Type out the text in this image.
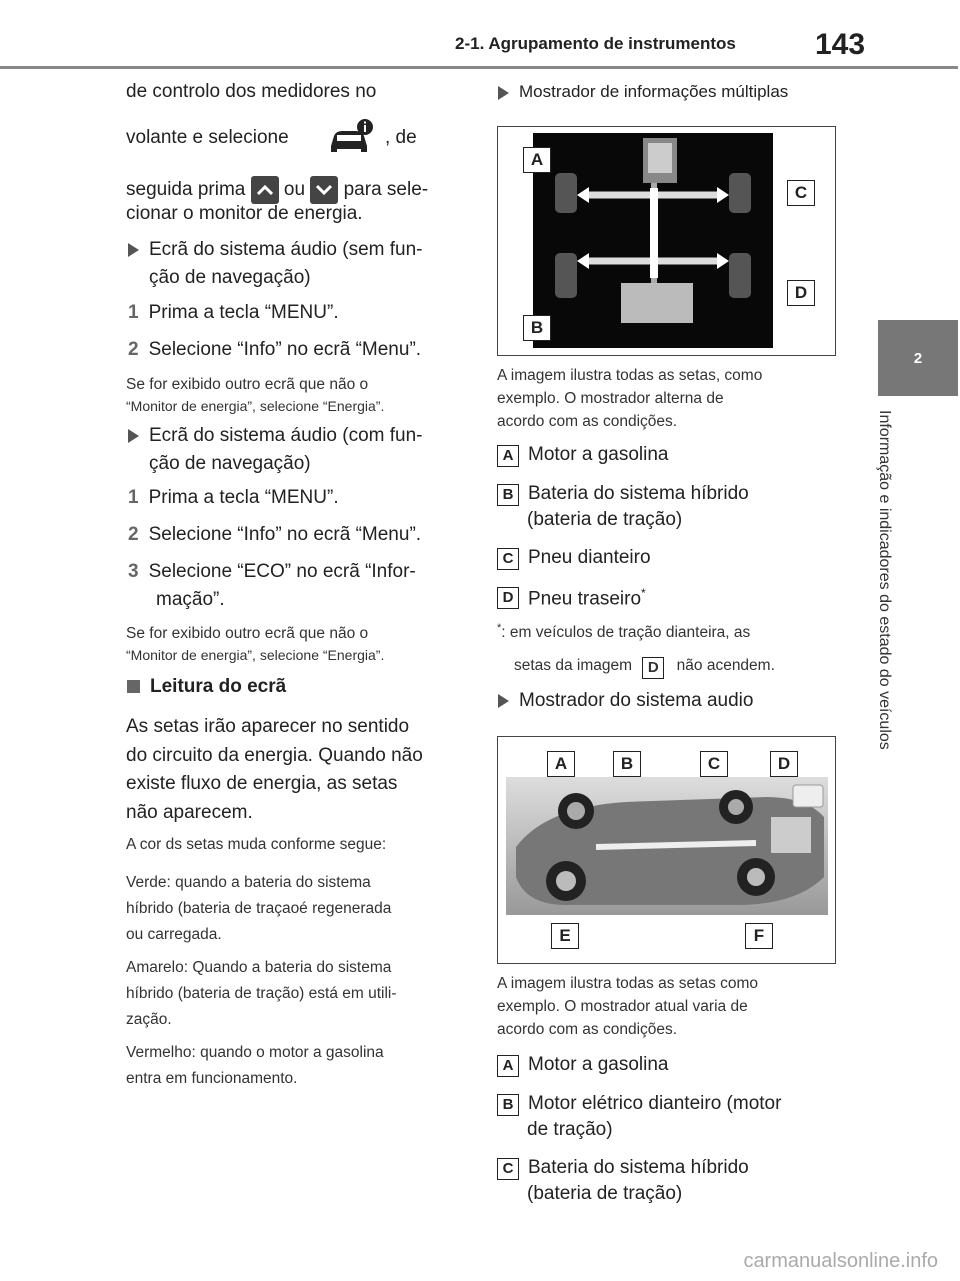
2-1. Agrupamento de instrumentos	143
2
Informação e indicadores do estado do veículos
de controlo dos medidores no
volante e selecione	, de
seguida prima ou para sele-
cionar o monitor de energia.
Ecrã do sistema áudio (sem fun-
ção de navegação)
1 Prima a tecla “MENU”.
2 Selecione “Info” no ecrã “Menu”.
Se for exibido outro ecrã que não o
“Monitor de energia”, selecione “Energia”.
Ecrã do sistema áudio (com fun-
ção de navegação)
1 Prima a tecla “MENU”.
2 Selecione “Info” no ecrã “Menu”.
3 Selecione “ECO” no ecrã “Infor-
mação”.
Se for exibido outro ecrã que não o
“Monitor de energia”, selecione “Energia”.
Leitura do ecrã
As setas irão aparecer no sentido
do circuito da energia. Quando não
existe fluxo de energia, as setas
não aparecem.
A cor ds setas muda conforme segue:
Verde: quando a bateria do sistema
híbrido (bateria de traçaoé regenerada
ou carregada.
Amarelo: Quando a bateria do sistema
híbrido (bateria de tração) está em utili-
zação.
Vermelho: quando o motor a gasolina
entra em funcionamento.
Mostrador de informações múltiplas
A
B
C
D
A imagem ilustra todas as setas, como
exemplo. O mostrador alterna de
acordo com as condições.
A Motor a gasolina
B Bateria do sistema híbrido
(bateria de tração)
C Pneu dianteiro
D Pneu traseiro*
*: em veículos de tração dianteira, as
setas da imagem D não acendem.
Mostrador do sistema audio
A	B	C	D
E	F
A imagem ilustra todas as setas como
exemplo. O mostrador atual varia de
acordo com as condições.
A Motor a gasolina
B Motor elétrico dianteiro (motor
de tração)
C Bateria do sistema híbrido
(bateria de tração)
carmanualsonline.info
